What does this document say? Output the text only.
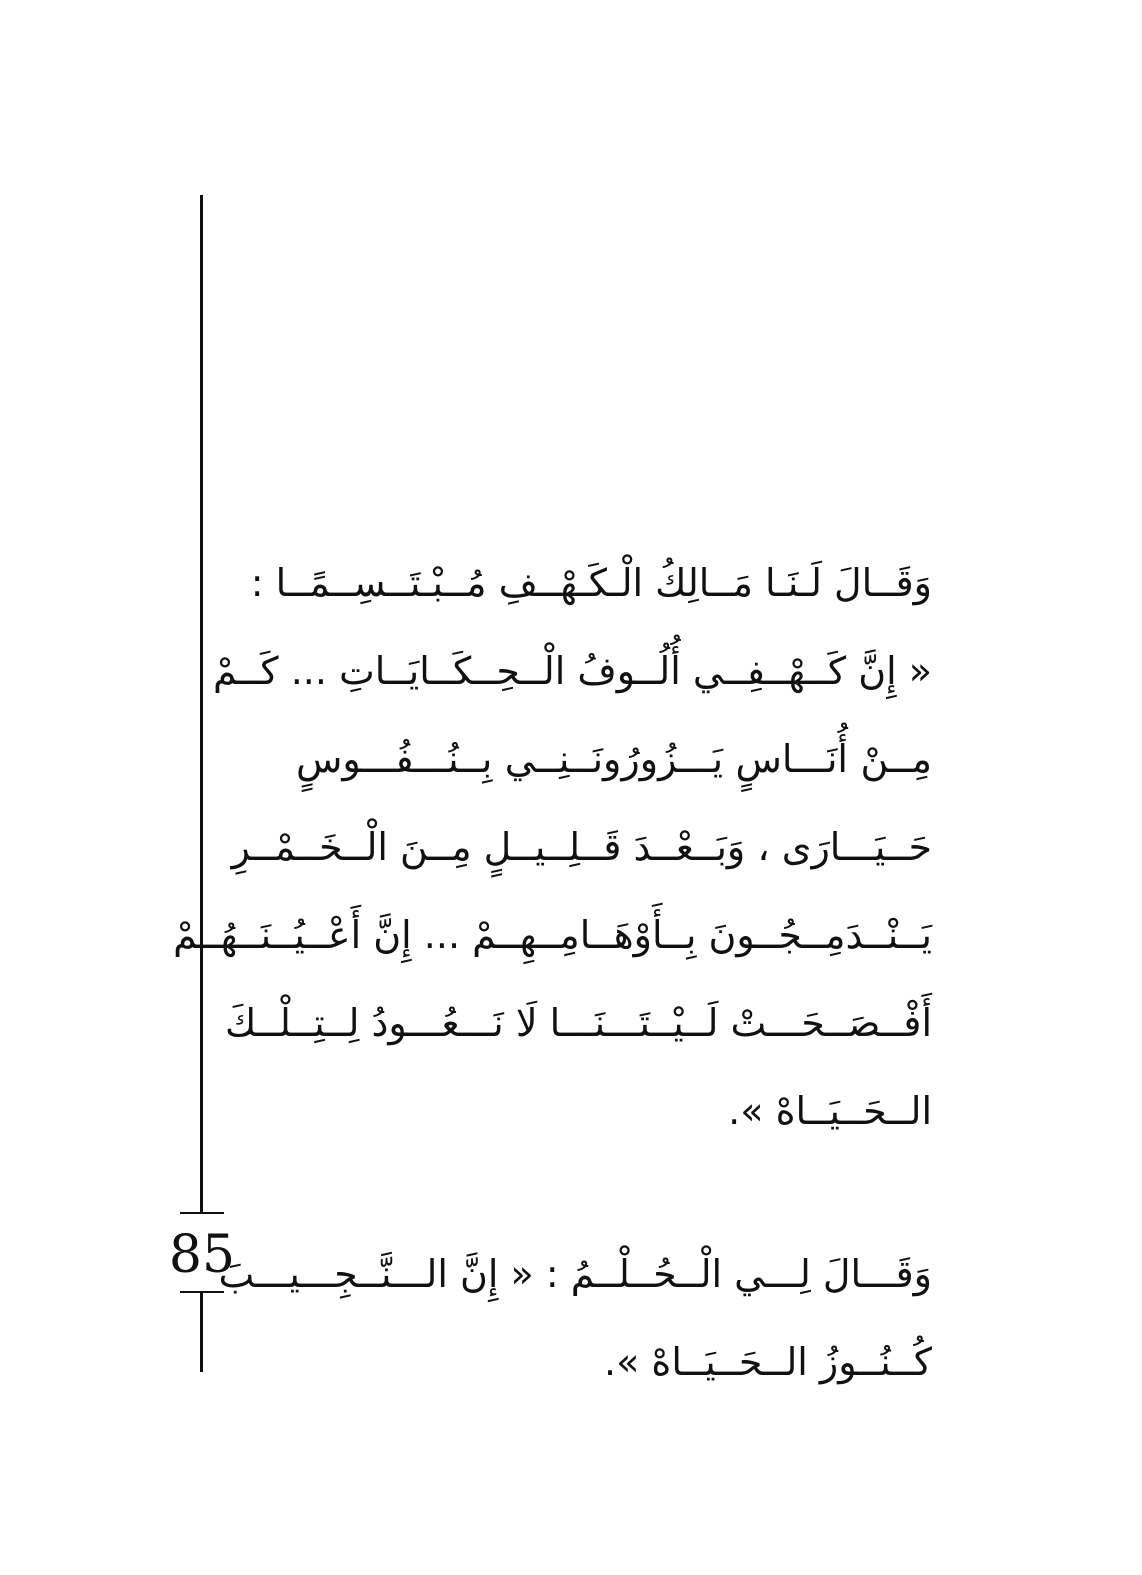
85
وَقَــالَ لَـنَـا مَــالِكُ الْـكَـهْــفِ مُــبْـتَــسِــمًــا :
« إِنَّ كَــهْــفِــي أُلُــوفُ الْــحِــكَــايَــاتِ ... كَــمْ
مِــنْ أُنَـــاسٍ يَـــزُورُونَــنِــي بِــنُـــفُـــوسٍ
حَــيَـــارَى ، وَبَــعْــدَ قَــلِــيــلٍ مِــنَ الْــخَــمْــرِ
يَــنْــدَمِــجُــونَ بِــأَوْهَــامِــهِــمْ ... إِنَّ أَعْــيُــنَــهُــمْ
أَفْــصَــحَـــتْ لَــيْــتَـــنَـــا لَا نَـــعُـــودُ لِــتِــلْــكَ
الــحَــيَــاهْ ».
وَقَـــالَ لِـــي الْــحُــلْــمُ : « إِنَّ الـــنَّــجِـــيـــبَ
كُــنُــوزُ الــحَــيَــاهْ ».
